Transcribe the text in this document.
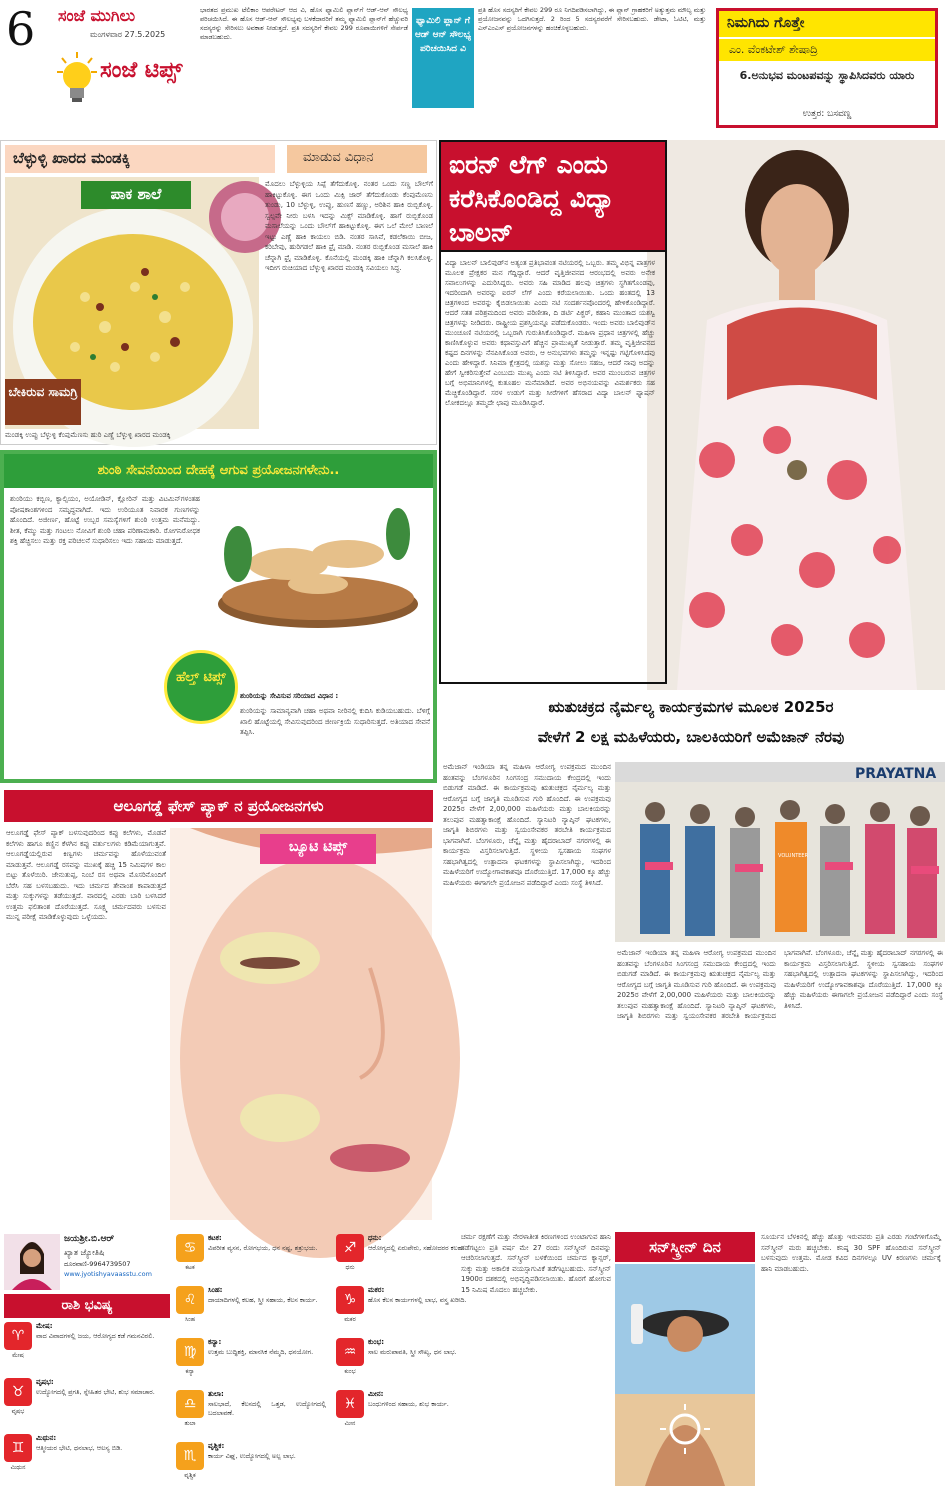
6	ಸಂಜೆ ಮುಗಿಲು
ಮಂಗಳವಾರ 27.5.2025
ಸಂಜೆ ಟಿಪ್ಸ್
ಭಾರತದ ಪ್ರಮುಖ ಟೆಲಿಕಾಂ ಆಪರೇಟರ್ ಆದ ವಿ, ಹೊಸ ಫ್ಯಾಮಿಲಿ ಪ್ಲಾನ್‌ಗೆ ಆಡ್-ಆನ್ ಸೌಲಭ್ಯ ಪರಿಚಯಿಸಿದೆ. ಈ ಹೊಸ ಆಡ್-ಆನ್ ಸೌಲಭ್ಯವು ಬಳಕೆದಾರರಿಗೆ ತಮ್ಮ ಫ್ಯಾಮಿಲಿ ಪ್ಲಾನ್‌ಗೆ ಹೆಚ್ಚುವರಿ ಸದಸ್ಯರನ್ನು ಸೇರಿಸಲು ಅವಕಾಶ ನೀಡುತ್ತದೆ. ಪ್ರತಿ ಸದಸ್ಯರಿಗೆ ಕೇವಲ 299 ರೂಪಾಯಿಗಳಿಗೆ ಸೇರ್ಪಡೆ ಮಾಡಬಹುದು.
ಫ್ಯಾಮಿಲಿ ಪ್ಲಾನ್ ಗೆ ಆಡ್ ಆನ್ ಸೌಲಭ್ಯ ಪರಿಚಯಿಸಿದ ವಿ
ಪ್ರತಿ ಹೊಸ ಸದಸ್ಯರಿಗೆ ಕೇವಲ 299 ರೂ ನಿಗದಿಪಡಿಸಲಾಗಿದ್ದು, ಈ ಪ್ಲಾನ್ ಗ್ರಾಹಕರಿಗೆ ಅತ್ಯುತ್ತಮ ಮೌಲ್ಯ ಮತ್ತು ಪ್ರಯೋಜನವನ್ನು ಒದಗಿಸುತ್ತದೆ. 2 ರಿಂದ 5 ಸದಸ್ಯರವರೆಗೆ ಸೇರಿಸಬಹುದು. ಡೇಟಾ, ಓಟಿಟಿ, ಮತ್ತು ಎಸ್‌ಎಂಎಸ್ ಪ್ರಯೋಜನಗಳನ್ನು ಹಂಚಿಕೊಳ್ಳಬಹುದು.	ನಿಮಗಿದು ಗೊತ್ತೇ
ಎಂ. ವೆಂಕಟೇಶ್ ಶೇಷಾದ್ರಿ
6.ಅನುಭವ ಮಂಟಪವನ್ನು ಸ್ಥಾಪಿಸಿದವರು ಯಾರು
ಉತ್ತರ: ಬಸವಣ್ಣ
ಬೆಳ್ಳುಳ್ಳಿ ಖಾರದ ಮಂಡಕ್ಕಿ	ಮಾಡುವ ವಿಧಾನ
ಪಾಕ ಶಾಲೆ
ಬೇಕಿರುವ ಸಾಮಗ್ರಿ
ಮೊದಲು ಬೆಳ್ಳುಳ್ಳಿಯ ಸಿಪ್ಪೆ ತೆಗೆದುಕೊಳ್ಳಿ. ನಂತರ ಒಂದು ಸಣ್ಣ ಬೌಲ್‌ಗೆ ಹಾಕಿಟ್ಟುಕೊಳ್ಳಿ. ಈಗ ಒಂದು ಮಿಕ್ಸಿ ಜಾರ್ ತೆಗೆದುಕೊಂಡು ಕೆಂಪುಮೆಣಸು ತುಂಡು, 10 ಬೆಳ್ಳುಳ್ಳಿ, ಉಪ್ಪು, ಹುಣಸೆ ಹಣ್ಣು, ಅರಿಶಿನ ಹಾಕಿ ರುಬ್ಬಿಕೊಳ್ಳಿ. ಸ್ವಲ್ಪವೇ ನೀರು ಬಳಸಿ ಇದನ್ನು ಮಿಕ್ಸ್ ಮಾಡಿಕೊಳ್ಳಿ. ಹಾಗೆ ರುಬ್ಬಿಕೊಂಡ ಮಸಾಲೆಯನ್ನು ಒಂದು ಬೌಲ್‌ಗೆ ಹಾಕಿಟ್ಟುಕೊಳ್ಳಿ. ಈಗ ಒಲೆ ಮೇಲೆ ಬಾಣಲೆ ಇಟ್ಟು ಎಣ್ಣೆ ಹಾಕಿ ಕಾಯಲು ಬಿಡಿ. ನಂತರ ಸಾಸಿವೆ, ಕಡಲೆಕಾಯಿ ಬೀಜ, ಕರಿಬೇವು, ಹುರಿಗಡಲೆ ಹಾಕಿ ಫ್ರೈ ಮಾಡಿ. ನಂತರ ರುಬ್ಬಿಕೊಂಡ ಮಸಾಲೆ ಹಾಕಿ ಚೆನ್ನಾಗಿ ಫ್ರೈ ಮಾಡಿಕೊಳ್ಳಿ. ಕೊನೆಯಲ್ಲಿ ಮಂಡಕ್ಕಿ ಹಾಕಿ ಚೆನ್ನಾಗಿ ಕಲಸಿಕೊಳ್ಳಿ. ಇದೀಗ ರುಚಿಯಾದ ಬೆಳ್ಳುಳ್ಳಿ ಖಾರದ ಮಂಡಕ್ಕಿ ಸವಿಯಲು ಸಿದ್ಧ.
ಮಂಡಕ್ಕಿ ಉಪ್ಪು ಬೆಳ್ಳುಳ್ಳಿ ಕೆಂಪುಮೆಣಸು ಹುರಿ ಎಣ್ಣೆ ಬೆಳ್ಳುಳ್ಳಿ ಖಾರದ ಮಂಡಕ್ಕಿ
ಐರನ್ ಲೆಗ್ ಎಂದು ಕರೆಸಿಕೊಂಡಿದ್ದ ವಿದ್ಯಾ ಬಾಲನ್
ವಿದ್ಯಾ ಬಾಲನ್ ಬಾಲಿವುಡ್‌ನ ಅತ್ಯಂತ ಪ್ರತಿಭಾವಂತ ನಟಿಯರಲ್ಲಿ ಒಬ್ಬರು. ತಮ್ಮ ವಿಭಿನ್ನ ಪಾತ್ರಗಳ ಮೂಲಕ ಪ್ರೇಕ್ಷಕರ ಮನ ಗೆದ್ದಿದ್ದಾರೆ. ಆದರೆ ವೃತ್ತಿಜೀವನದ ಆರಂಭದಲ್ಲಿ ಅವರು ಅನೇಕ ಸವಾಲುಗಳನ್ನು ಎದುರಿಸಿದ್ದರು. ಅವರು ಸಹಿ ಮಾಡಿದ ಹಲವು ಚಿತ್ರಗಳು ಸ್ಥಗಿತಗೊಂಡವು, ಇದರಿಂದಾಗಿ ಅವರನ್ನು ಐರನ್ ಲೆಗ್ ಎಂದು ಕರೆಯಲಾಯಿತು. ಒಂದು ಹಂತದಲ್ಲಿ 13 ಚಿತ್ರಗಳಿಂದ ಅವರನ್ನು ಕೈಬಿಡಲಾಯಿತು ಎಂದು ನಟಿ ಸಂದರ್ಶನವೊಂದರಲ್ಲಿ ಹೇಳಿಕೊಂಡಿದ್ದಾರೆ. ಆದರೆ ಸತತ ಪರಿಶ್ರಮದಿಂದ ಅವರು ಪರಿಣೀತಾ, ದಿ ಡರ್ಟಿ ಪಿಕ್ಚರ್, ಕಹಾನಿ ಮುಂತಾದ ಯಶಸ್ವಿ ಚಿತ್ರಗಳನ್ನು ನೀಡಿದರು. ರಾಷ್ಟ್ರೀಯ ಪ್ರಶಸ್ತಿಯನ್ನೂ ಪಡೆದುಕೊಂಡರು. ಇಂದು ಅವರು ಬಾಲಿವುಡ್‌ನ ಮುಂಚೂಣಿ ನಟಿಯರಲ್ಲಿ ಒಬ್ಬರಾಗಿ ಗುರುತಿಸಿಕೊಂಡಿದ್ದಾರೆ. ಮಹಿಳಾ ಪ್ರಧಾನ ಚಿತ್ರಗಳಲ್ಲಿ ಹೆಚ್ಚು ಕಾಣಿಸಿಕೊಳ್ಳುವ ಅವರು ಕಥಾವಸ್ತುವಿಗೆ ಹೆಚ್ಚಿನ ಪ್ರಾಮುಖ್ಯತೆ ನೀಡುತ್ತಾರೆ. ತಮ್ಮ ವೃತ್ತಿಜೀವನದ ಕಷ್ಟದ ದಿನಗಳನ್ನು ನೆನಪಿಸಿಕೊಂಡ ಅವರು, ಆ ಅನುಭವಗಳು ತಮ್ಮನ್ನು ಇನ್ನಷ್ಟು ಗಟ್ಟಿಗೊಳಿಸಿದವು ಎಂದು ಹೇಳಿದ್ದಾರೆ. ಸಿನಿಮಾ ಕ್ಷೇತ್ರದಲ್ಲಿ ಯಶಸ್ಸು ಮತ್ತು ಸೋಲು ಸಹಜ, ಆದರೆ ನಾವು ಅದನ್ನು ಹೇಗೆ ಸ್ವೀಕರಿಸುತ್ತೇವೆ ಎಂಬುದು ಮುಖ್ಯ ಎಂದು ನಟಿ ತಿಳಿಸಿದ್ದಾರೆ. ಅವರ ಮುಂಬರುವ ಚಿತ್ರಗಳ ಬಗ್ಗೆ ಅಭಿಮಾನಿಗಳಲ್ಲಿ ಕುತೂಹಲ ಮನೆಮಾಡಿದೆ. ಅವರ ಅಭಿನಯವನ್ನು ವಿಮರ್ಶಕರು ಸಹ ಮೆಚ್ಚಿಕೊಂಡಿದ್ದಾರೆ. ಸರಳ ಉಡುಗೆ ಮತ್ತು ಸೀರೆಗಳಿಗೆ ಹೆಸರಾದ ವಿದ್ಯಾ ಬಾಲನ್ ಫ್ಯಾಷನ್ ಲೋಕದಲ್ಲೂ ತಮ್ಮದೇ ಛಾಪು ಮೂಡಿಸಿದ್ದಾರೆ.
ಶುಂಠಿ ಸೇವನೆಯಿಂದ ದೇಹಕ್ಕೆ ಆಗುವ ಪ್ರಯೋಜನಗಳೇನು..
ಶುಂಠಿಯು ಕಬ್ಬಿಣ, ಕ್ಯಾಲ್ಸಿಯಂ, ಅಯೋಡಿನ್, ಕ್ಲೋರಿನ್ ಮತ್ತು ವಿಟಮಿನ್‌ಗಳಂತಹ ಪೋಷಕಾಂಶಗಳಿಂದ ಸಮೃದ್ಧವಾಗಿದೆ. ಇದು ಉರಿಯೂತ ನಿವಾರಕ ಗುಣಗಳನ್ನು ಹೊಂದಿದೆ. ಅಜೀರ್ಣ, ಹೊಟ್ಟೆ ಉಬ್ಬರ ಸಮಸ್ಯೆಗಳಿಗೆ ಶುಂಠಿ ಉತ್ತಮ ಮನೆಮದ್ದು. ಶೀತ, ಕೆಮ್ಮು ಮತ್ತು ಗಂಟಲು ನೋವಿಗೆ ಶುಂಠಿ ಚಹಾ ಪರಿಣಾಮಕಾರಿ. ರೋಗನಿರೋಧಕ ಶಕ್ತಿ ಹೆಚ್ಚಿಸಲು ಮತ್ತು ರಕ್ತ ಪರಿಚಲನೆ ಸುಧಾರಿಸಲು ಇದು ಸಹಾಯ ಮಾಡುತ್ತದೆ.
ಹೆಲ್ತ್ ಟಿಪ್ಸ್
ಶುಂಠಿಯನ್ನು ಸೇವಿಸುವ ಸರಿಯಾದ ವಿಧಾನ :
ಶುಂಠಿಯನ್ನು ಸಾಮಾನ್ಯವಾಗಿ ಚಹಾ ಅಥವಾ ನೀರಿನಲ್ಲಿ ಕುದಿಸಿ ಕುಡಿಯಬಹುದು. ಬೆಳಿಗ್ಗೆ ಖಾಲಿ ಹೊಟ್ಟೆಯಲ್ಲಿ ಸೇವಿಸುವುದರಿಂದ ಜೀರ್ಣಕ್ರಿಯೆ ಸುಧಾರಿಸುತ್ತದೆ. ಅತಿಯಾದ ಸೇವನೆ ತಪ್ಪಿಸಿ.
ಋತುಚಕ್ರದ ನೈರ್ಮಲ್ಯ ಕಾರ್ಯಕ್ರಮಗಳ ಮೂಲಕ 2025ರ
ವೇಳೆಗೆ 2 ಲಕ್ಷ ಮಹಿಳೆಯರು, ಬಾಲಕಿಯರಿಗೆ ಅಮೆಜಾನ್ ನೆರವು
PRAYATNA
VOLUNTEER
ಅಮೆಜಾನ್ ಇಂಡಿಯಾ ತನ್ನ ಮಹಿಳಾ ಆರೋಗ್ಯ ಉಪಕ್ರಮದ ಮುಂದಿನ ಹಂತವನ್ನು ಬೆಂಗಳೂರಿನ ಸಿಂಗಸಂದ್ರ ಸಮುದಾಯ ಕೇಂದ್ರದಲ್ಲಿ ಇಂದು ಬಿಡುಗಡೆ ಮಾಡಿದೆ. ಈ ಕಾರ್ಯಕ್ರಮವು ಋತುಚಕ್ರದ ನೈರ್ಮಲ್ಯ ಮತ್ತು ಆರೋಗ್ಯದ ಬಗ್ಗೆ ಜಾಗೃತಿ ಮೂಡಿಸುವ ಗುರಿ ಹೊಂದಿದೆ. ಈ ಉಪಕ್ರಮವು 2025ರ ವೇಳೆಗೆ 2,00,000 ಮಹಿಳೆಯರು ಮತ್ತು ಬಾಲಕಿಯರನ್ನು ತಲುಪುವ ಮಹತ್ವಾಕಾಂಕ್ಷೆ ಹೊಂದಿದೆ. ಸ್ಯಾನಿಟರಿ ನ್ಯಾಪ್ಕಿನ್ ಘಟಕಗಳು, ಜಾಗೃತಿ ಶಿಬಿರಗಳು ಮತ್ತು ಸ್ವಯಂಸೇವಕರ ತರಬೇತಿ ಕಾರ್ಯಕ್ರಮದ ಭಾಗವಾಗಿವೆ. ಬೆಂಗಳೂರು, ಚೆನ್ನೈ ಮತ್ತು ಹೈದರಾಬಾದ್ ನಗರಗಳಲ್ಲಿ ಈ ಕಾರ್ಯಕ್ರಮ ವಿಸ್ತರಿಸಲಾಗುತ್ತಿದೆ. ಸ್ಥಳೀಯ ಸ್ವಸಹಾಯ ಸಂಘಗಳ ಸಹಭಾಗಿತ್ವದಲ್ಲಿ ಉತ್ಪಾದನಾ ಘಟಕಗಳನ್ನು ಸ್ಥಾಪಿಸಲಾಗಿದ್ದು, ಇದರಿಂದ ಮಹಿಳೆಯರಿಗೆ ಉದ್ಯೋಗಾವಕಾಶವೂ ದೊರೆಯುತ್ತಿದೆ. 17,000 ಕ್ಕೂ ಹೆಚ್ಚು ಮಹಿಳೆಯರು ಈಗಾಗಲೇ ಪ್ರಯೋಜನ ಪಡೆದಿದ್ದಾರೆ ಎಂದು ಸಂಸ್ಥೆ ತಿಳಿಸಿದೆ.
ಅಮೆಜಾನ್ ಇಂಡಿಯಾ ತನ್ನ ಮಹಿಳಾ ಆರೋಗ್ಯ ಉಪಕ್ರಮದ ಮುಂದಿನ ಹಂತವನ್ನು ಬೆಂಗಳೂರಿನ ಸಿಂಗಸಂದ್ರ ಸಮುದಾಯ ಕೇಂದ್ರದಲ್ಲಿ ಇಂದು ಬಿಡುಗಡೆ ಮಾಡಿದೆ. ಈ ಕಾರ್ಯಕ್ರಮವು ಋತುಚಕ್ರದ ನೈರ್ಮಲ್ಯ ಮತ್ತು ಆರೋಗ್ಯದ ಬಗ್ಗೆ ಜಾಗೃತಿ ಮೂಡಿಸುವ ಗುರಿ ಹೊಂದಿದೆ. ಈ ಉಪಕ್ರಮವು 2025ರ ವೇಳೆಗೆ 2,00,000 ಮಹಿಳೆಯರು ಮತ್ತು ಬಾಲಕಿಯರನ್ನು ತಲುಪುವ ಮಹತ್ವಾಕಾಂಕ್ಷೆ ಹೊಂದಿದೆ. ಸ್ಯಾನಿಟರಿ ನ್ಯಾಪ್ಕಿನ್ ಘಟಕಗಳು, ಜಾಗೃತಿ ಶಿಬಿರಗಳು ಮತ್ತು ಸ್ವಯಂಸೇವಕರ ತರಬೇತಿ ಕಾರ್ಯಕ್ರಮದ ಭಾಗವಾಗಿವೆ. ಬೆಂಗಳೂರು, ಚೆನ್ನೈ ಮತ್ತು ಹೈದರಾಬಾದ್ ನಗರಗಳಲ್ಲಿ ಈ ಕಾರ್ಯಕ್ರಮ ವಿಸ್ತರಿಸಲಾಗುತ್ತಿದೆ. ಸ್ಥಳೀಯ ಸ್ವಸಹಾಯ ಸಂಘಗಳ ಸಹಭಾಗಿತ್ವದಲ್ಲಿ ಉತ್ಪಾದನಾ ಘಟಕಗಳನ್ನು ಸ್ಥಾಪಿಸಲಾಗಿದ್ದು, ಇದರಿಂದ ಮಹಿಳೆಯರಿಗೆ ಉದ್ಯೋಗಾವಕಾಶವೂ ದೊರೆಯುತ್ತಿದೆ. 17,000 ಕ್ಕೂ ಹೆಚ್ಚು ಮಹಿಳೆಯರು ಈಗಾಗಲೇ ಪ್ರಯೋಜನ ಪಡೆದಿದ್ದಾರೆ ಎಂದು ಸಂಸ್ಥೆ ತಿಳಿಸಿದೆ.
ಆಲೂಗಡ್ಡೆ ಫೇಸ್ ಪ್ಯಾಕ್ ನ ಪ್ರಯೋಜನಗಳು
ಆಲೂಗಡ್ಡೆ ಫೇಸ್ ಪ್ಯಾಕ್ ಬಳಸುವುದರಿಂದ ಕಪ್ಪು ಕಲೆಗಳು, ಮೊಡವೆ ಕಲೆಗಳು ಹಾಗೂ ಕಣ್ಣಿನ ಕೆಳಗಿನ ಕಪ್ಪು ವರ್ತುಲಗಳು ಕಡಿಮೆಯಾಗುತ್ತವೆ. ಆಲೂಗಡ್ಡೆಯಲ್ಲಿರುವ ಕಿಣ್ವಗಳು ಚರ್ಮವನ್ನು ಹೊಳೆಯುವಂತೆ ಮಾಡುತ್ತವೆ. ಆಲೂಗಡ್ಡೆ ರಸವನ್ನು ಮುಖಕ್ಕೆ ಹಚ್ಚಿ 15 ನಿಮಿಷಗಳ ಕಾಲ ಬಿಟ್ಟು ತೊಳೆಯಿರಿ. ಜೇನುತುಪ್ಪ, ನಿಂಬೆ ರಸ ಅಥವಾ ಮೊಸರಿನೊಂದಿಗೆ ಬೆರೆಸಿ ಸಹ ಬಳಸಬಹುದು. ಇದು ಚರ್ಮದ ತೇವಾಂಶ ಕಾಪಾಡುತ್ತದೆ ಮತ್ತು ಸುಕ್ಕುಗಳನ್ನು ತಡೆಯುತ್ತದೆ. ವಾರದಲ್ಲಿ ಎರಡು ಬಾರಿ ಬಳಸಿದರೆ ಉತ್ತಮ ಫಲಿತಾಂಶ ದೊರೆಯುತ್ತದೆ. ಸೂಕ್ಷ್ಮ ಚರ್ಮದವರು ಬಳಸುವ ಮುನ್ನ ಪರೀಕ್ಷೆ ಮಾಡಿಕೊಳ್ಳುವುದು ಒಳ್ಳೆಯದು.
ಬ್ಯೂಟಿ ಟಿಪ್ಸ್
ಜಯಶ್ರೀ.ಬಿ.ಆರ್
ಖ್ಯಾತ ಜ್ಯೋತಿಷಿ
ದೂರವಾಣಿ-9964739507
www.jyotishyavaasstu.com
ರಾಶಿ ಭವಿಷ್ಯ
♈
ಮೇಷ
ಮೇಷ:
ವಾದ ವಿವಾದಗಳಲ್ಲಿ ಜಯ, ಆರೋಗ್ಯದ ಕಡೆ ಗಮನವಿರಲಿ.
♉
ವೃಷಭ
ವೃಷಭ:
ಉದ್ಯೋಗದಲ್ಲಿ ಪ್ರಗತಿ, ಸ್ನೇಹಿತರ ಭೇಟಿ, ಶುಭ ಸಮಾಚಾರ.
♊
ಮಿಥುನ
ಮಿಥುನ:
ಆತ್ಮೀಯರ ಭೇಟಿ, ಧನಲಾಭ, ಆಲಸ್ಯ ಬಿಡಿ.
♋
ಕಟಕ
ಕಟಕ:
ವಿಪರೀತ ವ್ಯಸನ, ರೋಗಭಯ, ಧನ ನಷ್ಟ, ಶತ್ರುಭಯ.
♌
ಸಿಂಹ
ಸಿಂಹ:
ದಾಯಾದಿಗಳಲ್ಲಿ ಕಲಹ, ಸ್ತ್ರೀ ಸಹಾಯ, ಕೆಲಸ ಕಾರ್ಯ.
♍
ಕನ್ಯಾ
ಕನ್ಯಾ:
ಉತ್ತಮ ಬುದ್ಧಿಶಕ್ತಿ, ಮಾನಸಿಕ ನೆಮ್ಮದಿ, ಧನಯೋಗ.
♎
ತುಲಾ
ತುಲಾ:
ಸಾಲಭಾದೆ, ಕೆಲಸದಲ್ಲಿ ಒತ್ತಡ, ಉದ್ಯೋಗದಲ್ಲಿ ಬದಲಾವಣೆ.
♏
ವೃಶ್ಚಿಕ
ವೃಶ್ಚಿಕ:
ಕಾರ್ಯ ವಿಘ್ನ, ಉದ್ಯೋಗದಲ್ಲಿ ಅಲ್ಪ ಲಾಭ.
♐
ಧನು
ಧನು:
ಆರೋಗ್ಯದಲ್ಲಿ ಏರುಪೇರು, ಸಹೋದರರ ಕಲಹ.
♑
ಮಕರ
ಮಕರ:
ಹೊಸ ಕೆಲಸ ಕಾರ್ಯಗಳಲ್ಲಿ ಲಾಭ, ವಸ್ತ್ರ ಖರೀದಿ.
♒
ಕುಂಭ
ಕುಂಭ:
ಸಾಲ ಮರುಪಾವತಿ, ಸ್ತ್ರೀ ಸೌಖ್ಯ, ಧನ ಲಾಭ.
♓
ಮೀನ
ಮೀನ:
ಬಂಧುಗಳಿಂದ ಸಹಾಯ, ಶುಭ ಕಾರ್ಯ.
ಚರ್ಮ ರಕ್ಷಣೆಗೆ ಮತ್ತು ನೇರಳಾತೀತ ಕಿರಣಗಳಿಂದ ಉಂಟಾಗುವ ಹಾನಿ ತಡೆಗಟ್ಟಲು ಪ್ರತಿ ವರ್ಷ ಮೇ 27 ರಂದು ಸನ್‌ಸ್ಕ್ರೀನ್ ದಿನವನ್ನು ಆಚರಿಸಲಾಗುತ್ತದೆ. ಸನ್‌ಸ್ಕ್ರೀನ್ ಬಳಕೆಯಿಂದ ಚರ್ಮದ ಕ್ಯಾನ್ಸರ್, ಸುಕ್ಕು ಮತ್ತು ಅಕಾಲಿಕ ವಯಸ್ಸಾಗುವಿಕೆ ತಡೆಗಟ್ಟಬಹುದು. ಸನ್‌ಸ್ಕ್ರೀನ್ 1900ರ ದಶಕದಲ್ಲಿ ಅಭಿವೃದ್ಧಿಪಡಿಸಲಾಯಿತು. ಹೊರಗೆ ಹೋಗುವ 15 ನಿಮಿಷ ಮೊದಲು ಹಚ್ಚಬೇಕು.
ಸನ್‌ಸ್ಕ್ರೀನ್ ದಿನ
ಸೂರ್ಯನ ಬೆಳಕಿನಲ್ಲಿ ಹೆಚ್ಚು ಹೊತ್ತು ಇರುವವರು ಪ್ರತಿ ಎರಡು ಗಂಟೆಗಳಿಗೊಮ್ಮೆ ಸನ್‌ಸ್ಕ್ರೀನ್ ಮರು ಹಚ್ಚಬೇಕು. ಕನಿಷ್ಠ 30 SPF ಹೊಂದಿರುವ ಸನ್‌ಸ್ಕ್ರೀನ್ ಬಳಸುವುದು ಉತ್ತಮ. ಮೋಡ ಕವಿದ ದಿನಗಳಲ್ಲೂ UV ಕಿರಣಗಳು ಚರ್ಮಕ್ಕೆ ಹಾನಿ ಮಾಡಬಹುದು.
